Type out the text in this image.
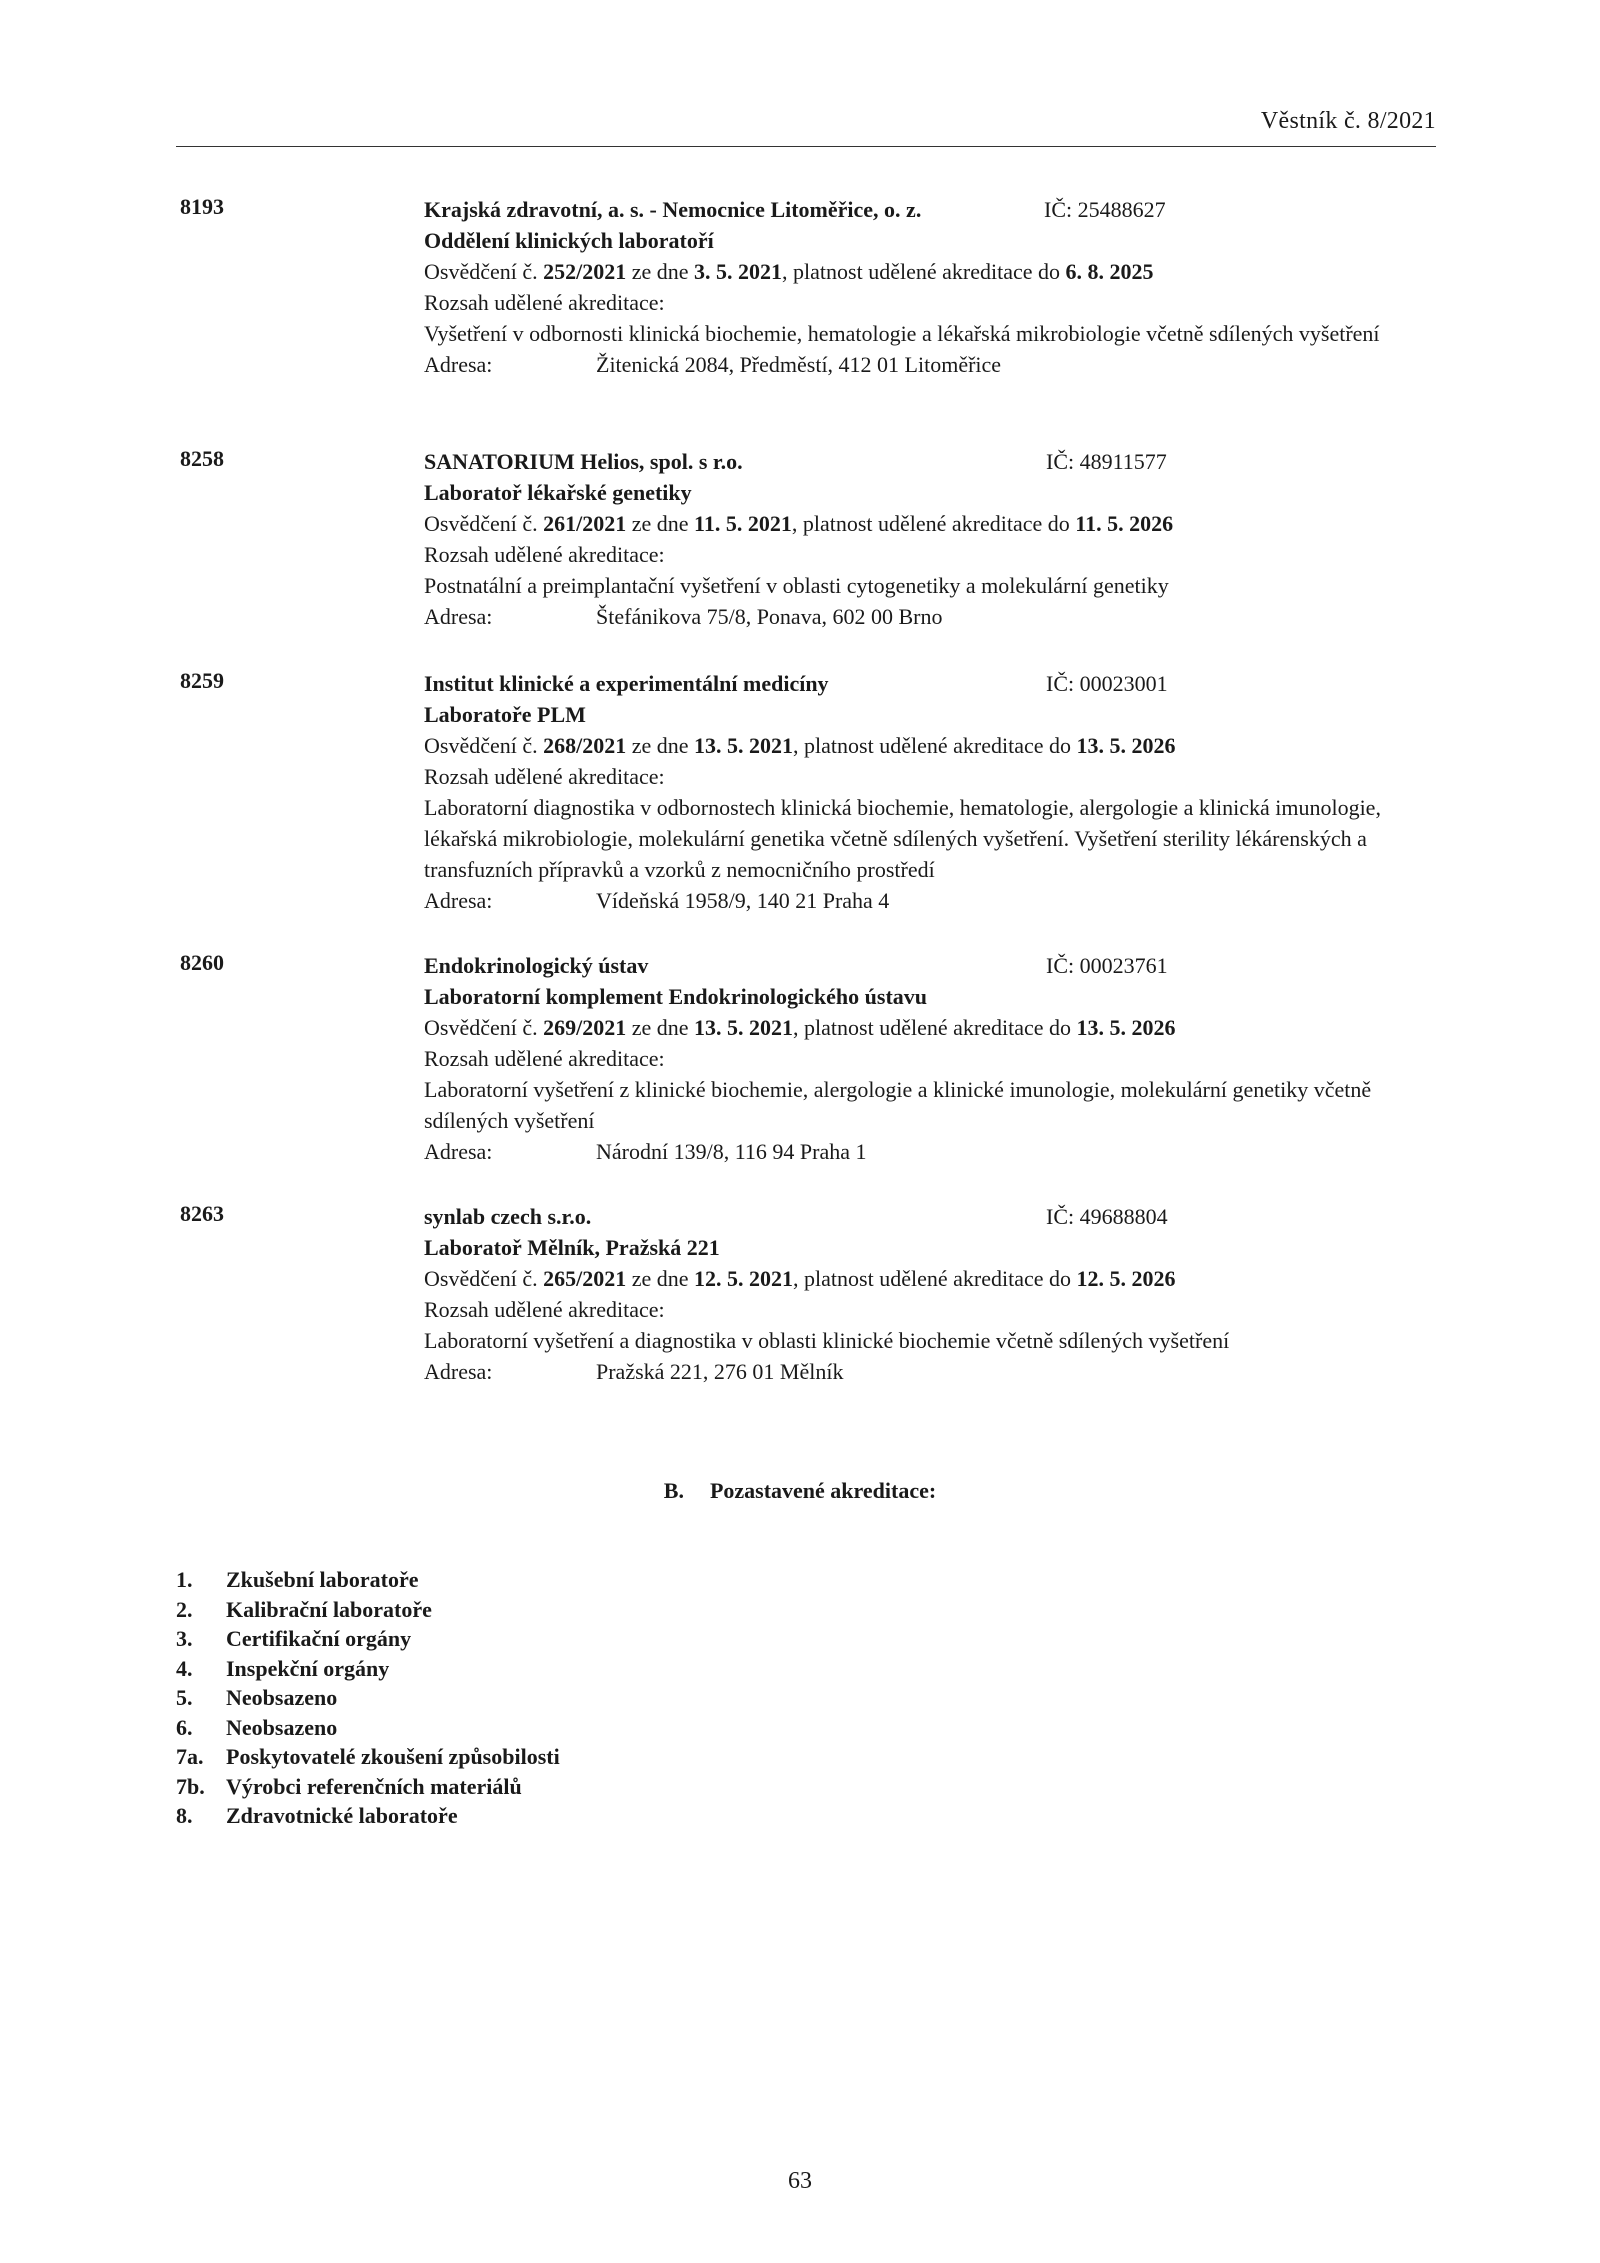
Věstník č. 8/2021
8193	Krajská zdravotní, a. s. - Nemocnice Litoměřice, o. z.	IČ: 25488627
Oddělení klinických laboratoří
Osvědčení č. 252/2021 ze dne 3. 5. 2021, platnost udělené akreditace do 6. 8. 2025
Rozsah udělené akreditace:
Vyšetření v odbornosti klinická biochemie, hematologie a lékařská mikrobiologie včetně sdílených vyšetření
Adresa:	Žitenická 2084, Předměstí, 412 01 Litoměřice
8258	SANATORIUM Helios, spol. s r.o.	IČ: 48911577
Laboratoř lékařské genetiky
Osvědčení č. 261/2021 ze dne 11. 5. 2021, platnost udělené akreditace do 11. 5. 2026
Rozsah udělené akreditace:
Postnatální a preimplantační vyšetření v oblasti cytogenetiky a molekulární genetiky
Adresa:	Štefánikova 75/8, Ponava, 602 00 Brno
8259	Institut klinické a experimentální medicíny	IČ: 00023001
Laboratoře PLM
Osvědčení č. 268/2021 ze dne 13. 5. 2021, platnost udělené akreditace do 13. 5. 2026
Rozsah udělené akreditace:
Laboratorní diagnostika v odbornostech klinická biochemie, hematologie, alergologie a klinická imunologie, lékařská mikrobiologie, molekulární genetika včetně sdílených vyšetření. Vyšetření sterility lékárenských a transfuzních přípravků a vzorků z nemocničního prostředí
Adresa:	Vídeňská 1958/9, 140 21 Praha 4
8260	Endokrinologický ústav	IČ: 00023761
Laboratorní komplement Endokrinologického ústavu
Osvědčení č. 269/2021 ze dne 13. 5. 2021, platnost udělené akreditace do 13. 5. 2026
Rozsah udělené akreditace:
Laboratorní vyšetření z klinické biochemie, alergologie a klinické imunologie, molekulární genetiky včetně sdílených vyšetření
Adresa:	Národní 139/8, 116 94 Praha 1
8263	synlab czech s.r.o.	IČ: 49688804
Laboratoř Mělník, Pražská 221
Osvědčení č. 265/2021 ze dne 12. 5. 2021, platnost udělené akreditace do 12. 5. 2026
Rozsah udělené akreditace:
Laboratorní vyšetření a diagnostika v oblasti klinické biochemie včetně sdílených vyšetření
Adresa:	Pražská 221, 276 01 Mělník
B. Pozastavené akreditace:
1. Zkušební laboratoře
2. Kalibrační laboratoře
3. Certifikační orgány
4. Inspekční orgány
5. Neobsazeno
6. Neobsazeno
7a. Poskytovatelé zkoušení způsobilosti
7b. Výrobci referenčních materiálů
8. Zdravotnické laboratoře
63
